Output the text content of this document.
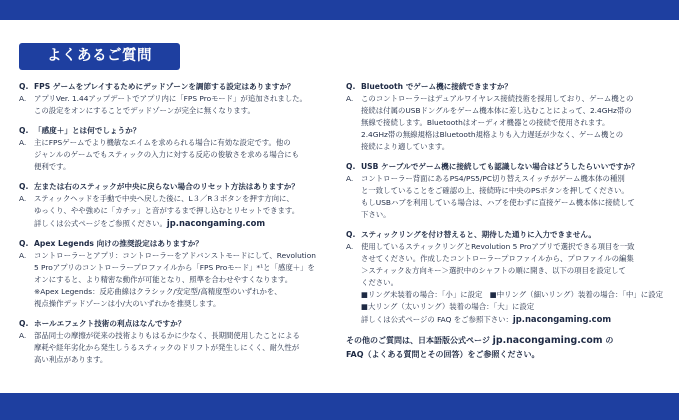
よくあるご質問
Q. FPS ゲームをプレイするためにデッドゾーンを調節する設定はありますか？
A.	アプリVer. 1.44アップデートでアプリ内に「FPS Proモード」が追加されました。
この設定をオンにすることでデッドゾーンが完全に無くなります。
Q. 「感度＋」とは何でしょうか？
A.	主にFPSゲームでより機敏なエイムを求められる場合に有効な設定です。他の
ジャンルのゲームでもスティックの入力に対する反応の俊敏さを求める場合にも
便利です。
Q. 左または右のスティックが中央に戻らない場合のリセット方法はありますか？
A.	スティックヘッドを手動で中央へ戻した後に、L３／R３ボタンを押す方向に、
ゆっくり、やや強めに「カチッ」と音がするまで押し込むとリセットできます。
詳しくは公式ページをご参照ください。jp.nacongaming.com
Q. Apex Legends 向けの推奨設定はありますか？
A.	コントローラーとアプリ：コントローラーをアドバンストモードにして、Revolution
5 Proアプリのコントローラープロファイルから「FPS Proモード」*¹と「感度＋」を
オンにすると、より精密な動作が可能となり、照準を合わせやすくなります。
※Apex Legends：反応曲線はクラシック/安定型/高精度型のいずれかを、
視点操作デッドゾーンは小/大のいずれかを推奨します。
Q. ホールエフェクト技術の利点はなんですか？
A.	部品同士の摩擦が従来の技術よりもはるかに少なく、長期間使用したことによる
摩耗や経年劣化から発生しうるスティックのドリフトが発生しにくく、耐久性が
高い利点があります。
Q. Bluetooth でゲーム機に接続できますか？
A.	このコントローラーはデュアルワイヤレス接続技術を採用しており、ゲーム機との
接続は付属のUSBドングルをゲーム機本体に差し込むことによって、2.4GHz帯の
無線で接続します。Bluetoothはオーディオ機器との接続で使用されます。
2.4GHz帯の無線規格はBluetooth規格よりも入力遅延が少なく、ゲーム機との
接続により適しています。
Q. USB ケーブルでゲーム機に接続しても認識しない場合はどうしたらいいですか？
A.	コントローラー背面にあるPS4/PS5/PC切り替えスイッチがゲーム機本体の種別
と一致していることをご確認の上、接続時に中央のPSボタンを押してください。
もしUSBハブを利用している場合は、ハブを使わずに直接ゲーム機本体に接続して
下さい。
Q. スティックリングを付け替えると、期待した通りに入力できません。
A.	使用しているスティックリングとRevolution 5 Proアプリで選択できる項目を一致
させてください。作成したコントローラープロファイルから、プロファイルの編集
＞スティック＆方向キー＞選択中のシャフトの順に開き、以下の項目を設定して
ください。
■リング未装着の場合：「小」に設定　■中リング（細いリング）装着の場合：「中」に設定
■大リング（太いリング）装着の場合：「大」に設定
詳しくは公式ページの FAQ をご参照下さい：jp.nacongaming.com
その他のご質問は、日本語版公式ページ jp.nacongaming.com の
FAQ（よくある質問とその回答）をご参照ください。
